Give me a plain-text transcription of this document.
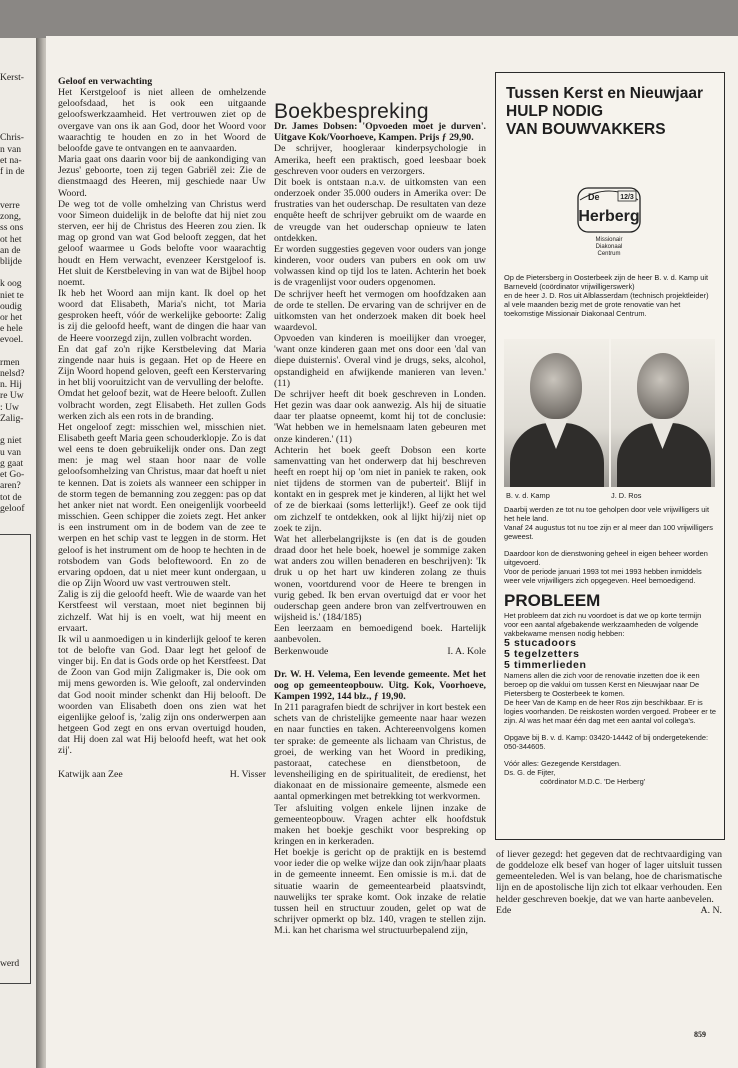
Kerst-
Chris-
n van
et na-
f in de
verre
zong,
ss ons
ot het
an de
blijde
k oog
niet te
oudig
or het
e hele
evoel.
rmen
nelsd?
n. Hij
re Uw
: Uw
Zalig-
g niet
u van
g gaat
et Go-
aren?
tot de
geloof
werd

Geloof en verwachting

Het Kerstgeloof is niet alleen de omhelzende geloofsdaad, het is ook een uitgaande geloofswerkzaamheid. Het vertrouwen ziet op de overgave van ons ik aan God, door het Woord voor waarachtig te houden en zo in het Woord de beloofde gave te ontvangen en te aanvaarden.

Maria gaat ons daarin voor bij de aankondiging van Jezus' geboorte, toen zij tegen Gabriël zei: Zie de dienstmaagd des Heeren, mij geschiede naar Uw Woord.

De weg tot de volle omhelzing van Christus werd voor Simeon duidelijk in de belofte dat hij niet zou sterven, eer hij de Christus des Heeren zou zien. Ik mag op grond van wat God belooft zeggen, dat het geloof waarmee u Gods belofte voor waarachtig houdt en Hem verwacht, evenzeer Kerstgeloof is. Het sluit de Kerstbeleving in van wat de Bijbel hoop noemt.

Ik heb het Woord aan mijn kant. Ik doel op het woord dat Elisabeth, Maria's nicht, tot Maria gesproken heeft, vóór de werkelijke geboorte: Zalig is zij die geloofd heeft, want de dingen die haar van de Heere voorzegd zijn, zullen volbracht worden.

En dat gaf zo'n rijke Kerstbeleving dat Maria zingende naar huis is gegaan. Het op de Heere en Zijn Woord hopend geloven, geeft een Kerstervaring in het blij vooruitzicht van de vervulling der belofte.

Omdat het geloof bezit, wat de Heere belooft. Zullen volbracht worden, zegt Elisabeth. Het zullen Gods werken zich als een rots in de branding.

Het ongeloof zegt: misschien wel, misschien niet. Elisabeth geeft Maria geen schouderklopje. Zo is dat wel eens te doen gebruikelijk onder ons. Dan zegt men: je mag wel staan hoor naar de volle geloofsomhelzing van Christus, maar dat hoeft u niet te kennen. Dat is zoiets als wanneer een schipper in de storm tegen de bemanning zou zeggen: pas op dat het anker niet nat wordt. Een oneigenlijk voorbeeld misschien. Geen schipper die zoiets zegt. Het anker is een instrument om in de bodem van de zee te werpen en het schip vast te leggen in de storm. Het geloof is het instrument om de hoop te hechten in de rotsbodem van Gods beloftewoord. En zo de ervaring opdoen, dat u niet meer kunt ondergaan, u die op Zijn Woord uw vast vertrouwen stelt.

Zalig is zij die geloofd heeft. Wie de waarde van het Kerstfeest wil verstaan, moet niet beginnen bij zichzelf. Wat hij is en voelt, wat hij meent en ervaart.

Ik wil u aanmoedigen u in kinderlijk geloof te keren tot de belofte van God. Daar legt het geloof de vinger bij. En dat is Gods orde op het Kerstfeest. Dat de Zoon van God mijn Zaligmaker is, Die ook om mij mens geworden is. Wie gelooft, zal ondervinden dat God nooit minder schenkt dan Hij belooft. De woorden van Elisabeth doen ons zien wat het eigenlijke geloof is, 'zalig zijn ons onderwerpen aan hetgeen God zegt en ons ervan overtuigd houden, dat Hij doen zal wat Hij beloofd heeft, wat het ook zij'.

Katwijk aan Zee	H. Visser
Boekbespreking

Dr. James Dobsen: 'Opvoeden moet je durven'. Uitgave Kok/Voorhoeve, Kampen. Prijs ƒ 29,90.

De schrijver, hoogleraar kinderpsychologie in Amerika, heeft een praktisch, goed leesbaar boek geschreven voor ouders en verzorgers.

Dit boek is ontstaan n.a.v. de uitkomsten van een onderzoek onder 35.000 ouders in Amerika over: De frustraties van het ouderschap. De resultaten van deze enquête heeft de schrijver gebruikt om de waarde en de vreugde van het ouderschap opnieuw te laten ontdekken.

Er worden suggesties gegeven voor ouders van jonge kinderen, voor ouders van pubers en ook om uw volwassen kind op tijd los te laten. Achterin het boek is de vragenlijst voor ouders opgenomen.

De schrijver heeft het vermogen om hoofdzaken aan de orde te stellen. De ervaring van de schrijver en de uitkomsten van het onderzoek maken dit boek heel waardevol.

Opvoeden van kinderen is moeilijker dan vroeger, 'want onze kinderen gaan met ons door een 'dal van diepe duisternis'. Overal vind je drugs, seks, alcohol, opstandigheid en afwijkende manieren van leven.' (11)

De schrijver heeft dit boek geschreven in Londen. Het gezin was daar ook aanwezig. Als hij de situatie daar ter plaatse opneemt, komt hij tot de conclusie: 'Wat hebben we in hemelsnaam laten gebeuren met onze kinderen.' (11)

Achterin het boek geeft Dobson een korte samenvatting van het onderwerp dat hij beschreven heeft en roept hij op 'om niet in paniek te raken, ook niet tijdens de stormen van de puberteit'. Blijf in kontakt en in gesprek met je kinderen, al lijkt het wel of ze de bierkaai (soms letterlijk!). Geef ze ook tijd om zichzelf te ontdekken, ook al lijkt hij/zij niet op zoek te zijn.

Wat het allerbelangrijkste is (en dat is de gouden draad door het hele boek, hoewel je sommige zaken wat anders zou willen benaderen en beschrijven): 'Ik druk u op het hart uw kinderen zolang ze thuis wonen, voortdurend voor de Heere te brengen in vurig gebed. Ik ben ervan overtuigd dat er voor het ouderschap geen andere bron van zelfvertrouwen en wijsheid is.' (184/185)

Een leerzaam en bemoedigend boek. Hartelijk aanbevolen.

Berkenwoude	I. A. Kole

Dr. W. H. Velema, Een levende gemeente. Met het oog op gemeenteopbouw. Uitg. Kok, Voorhoeve, Kampen 1992, 144 blz., ƒ 19,90.

In 211 paragrafen biedt de schrijver in kort bestek een schets van de christelijke gemeente naar haar wezen en naar functies en taken. Achtereenvolgens komen ter sprake: de gemeente als lichaam van Christus, de groei, de werking van het Woord in prediking, pastoraat, catechese en dienstbetoon, de levensheiliging en de spiritualiteit, de eredienst, het diakonaat en de missionaire gemeente, alsmede een aantal opmerkingen met betrekking tot werkvormen.

Ter afsluiting volgen enkele lijnen inzake de gemeenteopbouw. Vragen achter elk hoofdstuk maken het boekje geschikt voor bespreking op kringen en in kerkeraden.

Het boekje is gericht op de praktijk en is bestemd voor ieder die op welke wijze dan ook zijn/haar plaats in de gemeente inneemt. Een omissie is m.i. dat de situatie waarin de gemeentearbeid plaatsvindt, nauwelijks ter sprake komt. Ook inzake de relatie tussen heil en structuur zouden, gelet op wat de schrijver opmerkt op blz. 140, vragen te stellen zijn. M.i. kan het charisma wel structuurbepalend zijn,

of liever gezegd: het gegeven dat de rechtvaardiging van de goddeloze elk besef van hoger of lager uitsluit tussen gemeenteleden. Wel is van belang, hoe de charismatische lijn en de apostolische lijn zich tot elkaar verhouden. Een helder geschreven boekje, dat we van harte aanbevelen.

Ede	A. N.
Tussen Kerst en Nieuwjaar
HULP NODIG
VAN BOUWVAKKERS
De	12/3
Herberg
Missionair
Diakonaal
Centrum

Op de Pietersberg in Oosterbeek zijn de heer B. v. d. Kamp uit Barneveld (coördinator vrijwilligerswerk)

en de heer J. D. Ros uit Alblasserdam (technisch projektleider)

al vele maanden bezig met de grote renovatie van het toekomstige Missionair Diakonaal Centrum.

B. v. d. Kamp	J. D. Ros

Daarbij werden ze tot nu toe geholpen door vele vrijwilligers uit het hele land.

Vanaf 24 augustus tot nu toe zijn er al meer dan 100 vrijwilligers geweest.

Daardoor kon de dienstwoning geheel in eigen beheer worden uitgevoerd.

Voor de periode januari 1993 tot mei 1993 hebben inmiddels weer vele vrijwilligers zich opgegeven. Heel bemoedigend.

PROBLEEM

Het probleem dat zich nu voordoet is dat we op korte termijn voor een aantal afgebakende werkzaamheden de volgende vakbekwame mensen nodig hebben:

5 stucadoors
5 tegelzetters
5 timmerlieden

Namens allen die zich voor de renovatie inzetten doe ik een beroep op die vaklui om tussen Kerst en Nieuwjaar naar De Pietersberg te Oosterbeek te komen.

De heer Van de Kamp en de heer Ros zijn beschikbaar. Er is logies voorhanden. De reiskosten worden vergoed. Probeer er te zijn. Al was het maar één dag met een aantal vol collega's.

Opgave bij B. v. d. Kamp: 03420-14442 of bij ondergetekende: 050-344605.

Vóór alles: Gezegende Kerstdagen.

Ds. G. de Fijter,

coördinator M.D.C. 'De Herberg'

859
